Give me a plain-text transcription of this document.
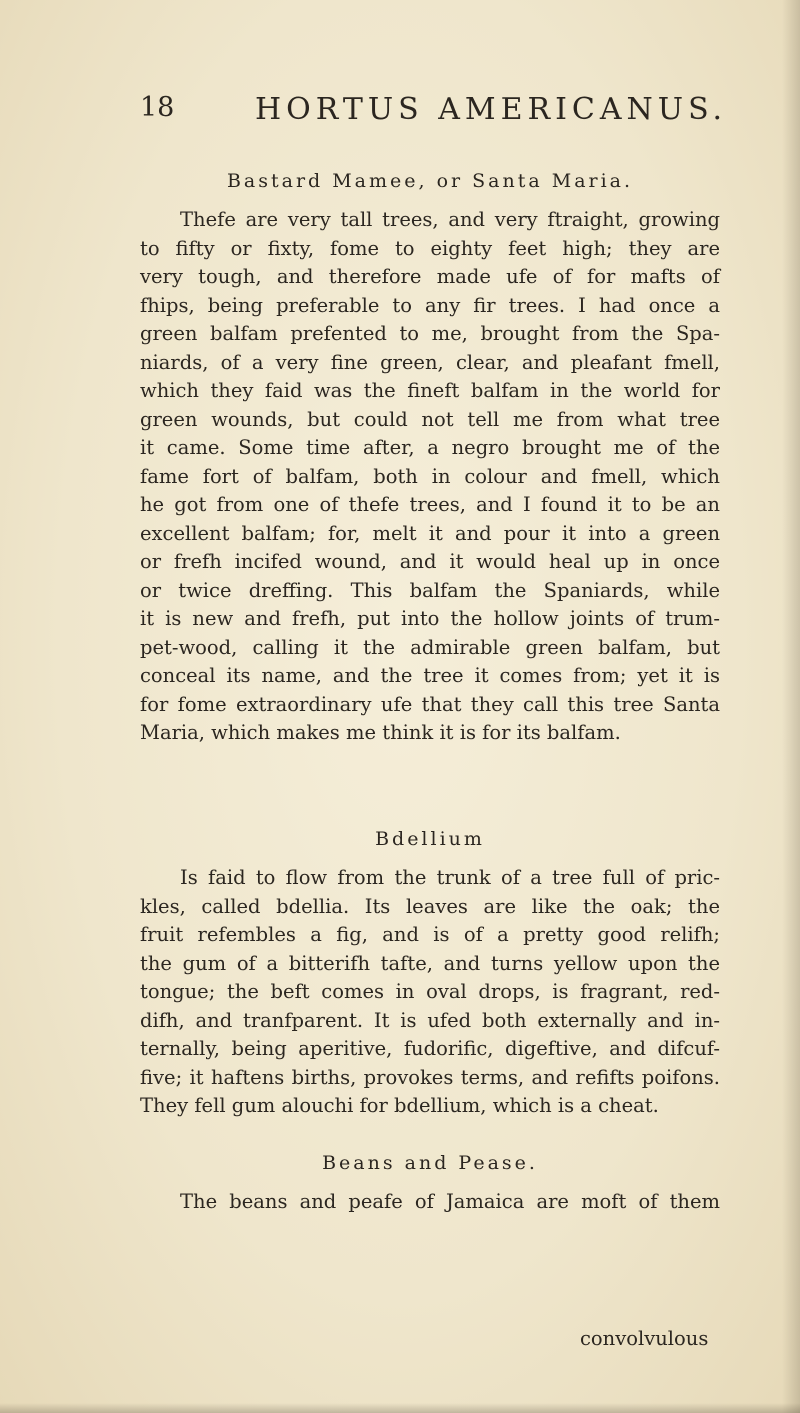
18	HORTUS AMERICANUS.
Bastard Mamee, or Santa Maria.
Thefe are very tall trees, and very ftraight, growing
to fifty or fixty, fome to eighty feet high; they are
very tough, and therefore made ufe of for mafts of
fhips, being preferable to any fir trees. I had once a
green balfam prefented to me, brought from the Spa-
niards, of a very fine green, clear, and pleafant fmell,
which they faid was the fineft balfam in the world for
green wounds, but could not tell me from what tree
it came. Some time after, a negro brought me of the
fame fort of balfam, both in colour and fmell, which
he got from one of thefe trees, and I found it to be an
excellent balfam; for, melt it and pour it into a green
or frefh incifed wound, and it would heal up in once
or twice dreffing. This balfam the Spaniards, while
it is new and frefh, put into the hollow joints of trum-
pet-wood, calling it the admirable green balfam, but
conceal its name, and the tree it comes from; yet it is
for fome extraordinary ufe that they call this tree Santa
Maria, which makes me think it is for its balfam.
Bdellium
Is faid to flow from the trunk of a tree full of pric-
kles, called bdellia. Its leaves are like the oak; the
fruit refembles a fig, and is of a pretty good relifh;
the gum of a bitterifh tafte, and turns yellow upon the
tongue; the beft comes in oval drops, is fragrant, red-
difh, and tranfparent. It is ufed both externally and in-
ternally, being aperitive, fudorific, digeftive, and difcuf-
five; it haftens births, provokes terms, and refifts poifons.
They fell gum alouchi for bdellium, which is a cheat.
Beans and Pease.
The beans and peafe of Jamaica are moft of them
convolvulous
